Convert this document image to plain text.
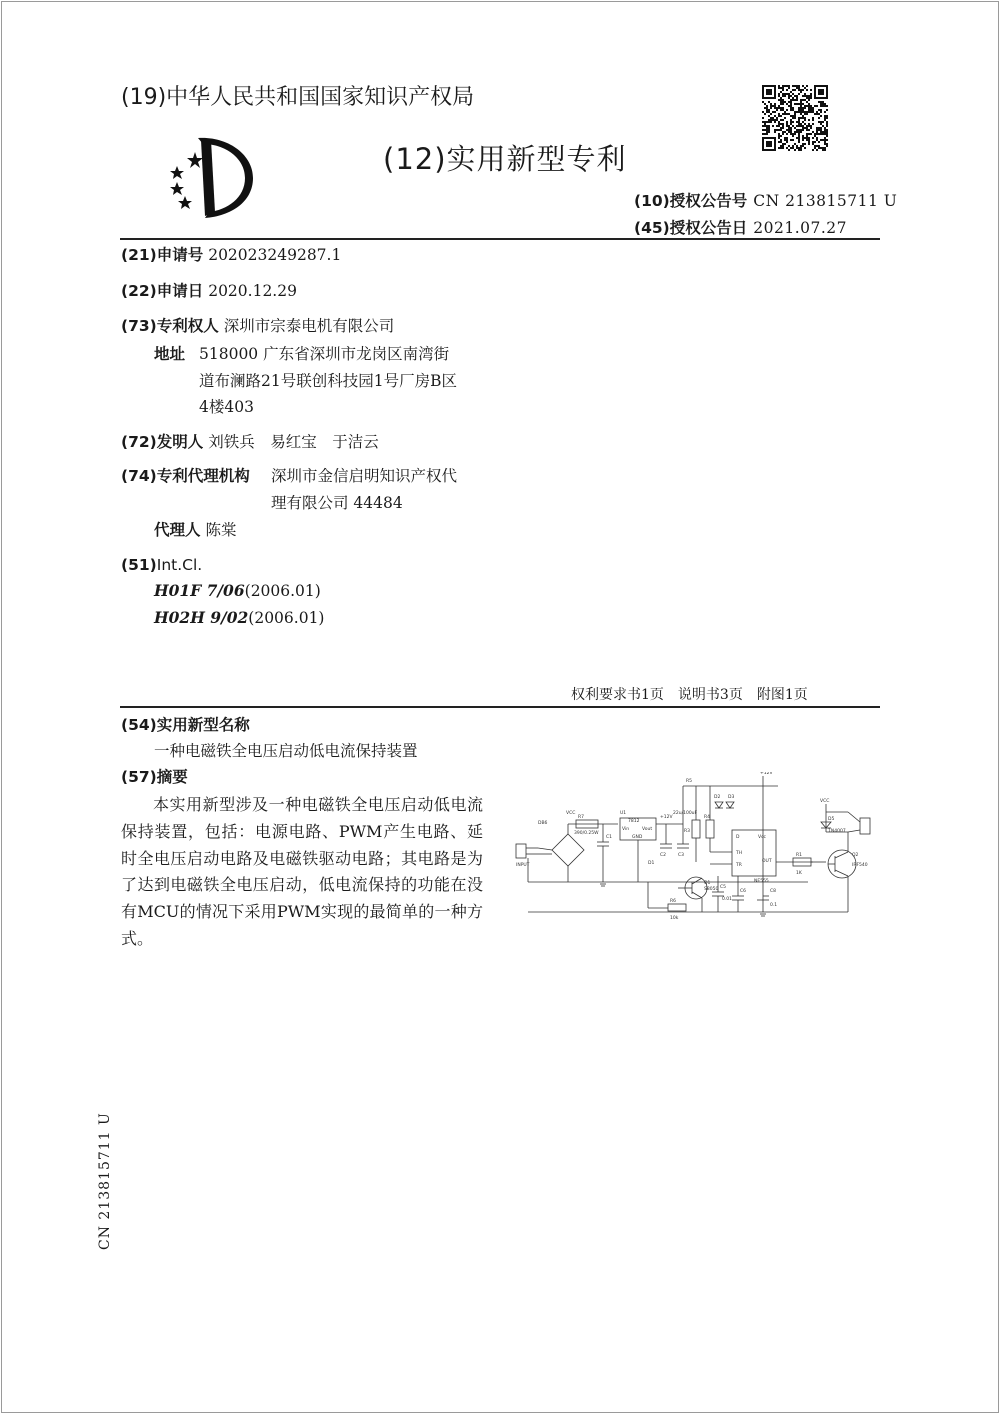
(19)中华人民共和国国家知识产权局
(12)实用新型专利
(10)授权公告号 CN 213815711 U
(45)授权公告日 2021.07.27
(21)申请号 202023249287.1
(22)申请日 2020.12.29
(73)专利权人 深圳市宗泰电机有限公司
地址 518000 广东省深圳市龙岗区南湾街
道布澜路21号联创科技园1号厂房B区
4楼403
(72)发明人 刘铁兵　易红宝　于洁云
(74)专利代理机构 深圳市金信启明知识产权代
理有限公司 44484
代理人 陈棠
(51)Int.Cl.
H01F 7/06(2006.01)
H02H 9/02(2006.01)
权利要求书1页　说明书3页　附图1页
(54)实用新型名称
一种电磁铁全电压启动低电流保持装置
(57)摘要
本实用新型涉及一种电磁铁全电压启动低电流保持装置，包括：电源电路、PWM产生电路、延时全电压启动电路及电磁铁驱动电路；其电路是为了达到电磁铁全电压启动，低电流保持的功能在没有MCU的情况下采用PWM实现的最简单的一种方式。
INPUT
DB6
VCC
R7
390/0.25W
C1
U1
7812
Vin	Vout
GND
C2	C3
+12V
22u/100uF
R3
R4
D2 D3
+12V
R5
D
TH
TR
Vcc
OUT
NE555
R1
1K
Q2
IRF540
VCC
D5
1N4007
Q1
S8050
R6
10k
C5
0.01
C6	C8
0.1
D1
CN 213815711 U
